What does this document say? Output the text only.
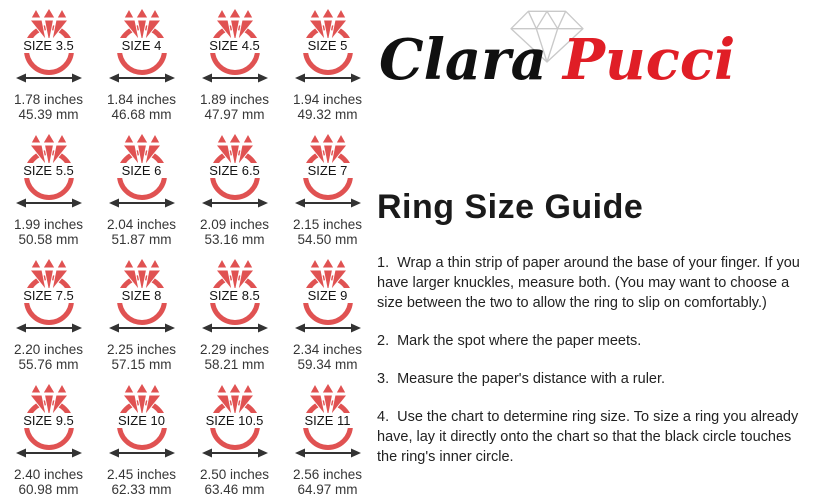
SIZE 3.5
1.78 inches
45.39 mm
SIZE 4
1.84 inches
46.68 mm
SIZE 4.5
1.89 inches
47.97 mm
SIZE 5
1.94 inches
49.32 mm
SIZE 5.5
1.99 inches
50.58 mm
SIZE 6
2.04 inches
51.87 mm
SIZE 6.5
2.09 inches
53.16 mm
SIZE 7
2.15 inches
54.50 mm
SIZE 7.5
2.20 inches
55.76 mm
SIZE 8
2.25 inches
57.15 mm
SIZE 8.5
2.29 inches
58.21 mm
SIZE 9
2.34 inches
59.34 mm
SIZE 9.5
2.40 inches
60.98 mm
SIZE 10
2.45 inches
62.33 mm
SIZE 10.5
2.50 inches
63.46 mm
SIZE 11
2.56 inches
64.97 mm
Clara Pucci
Ring Size Guide

1. Wrap a thin strip of paper around the base of your finger. If you have larger knuckles, measure both. (You may want to choose a size between the two to allow the ring to slip on comfortably.)

2. Mark the spot where the paper meets.

3. Measure the paper's distance with a ruler.

4. Use the chart to determine ring size. To size a ring you already have, lay it directly onto the chart so that the black circle touches the ring's inner circle.
